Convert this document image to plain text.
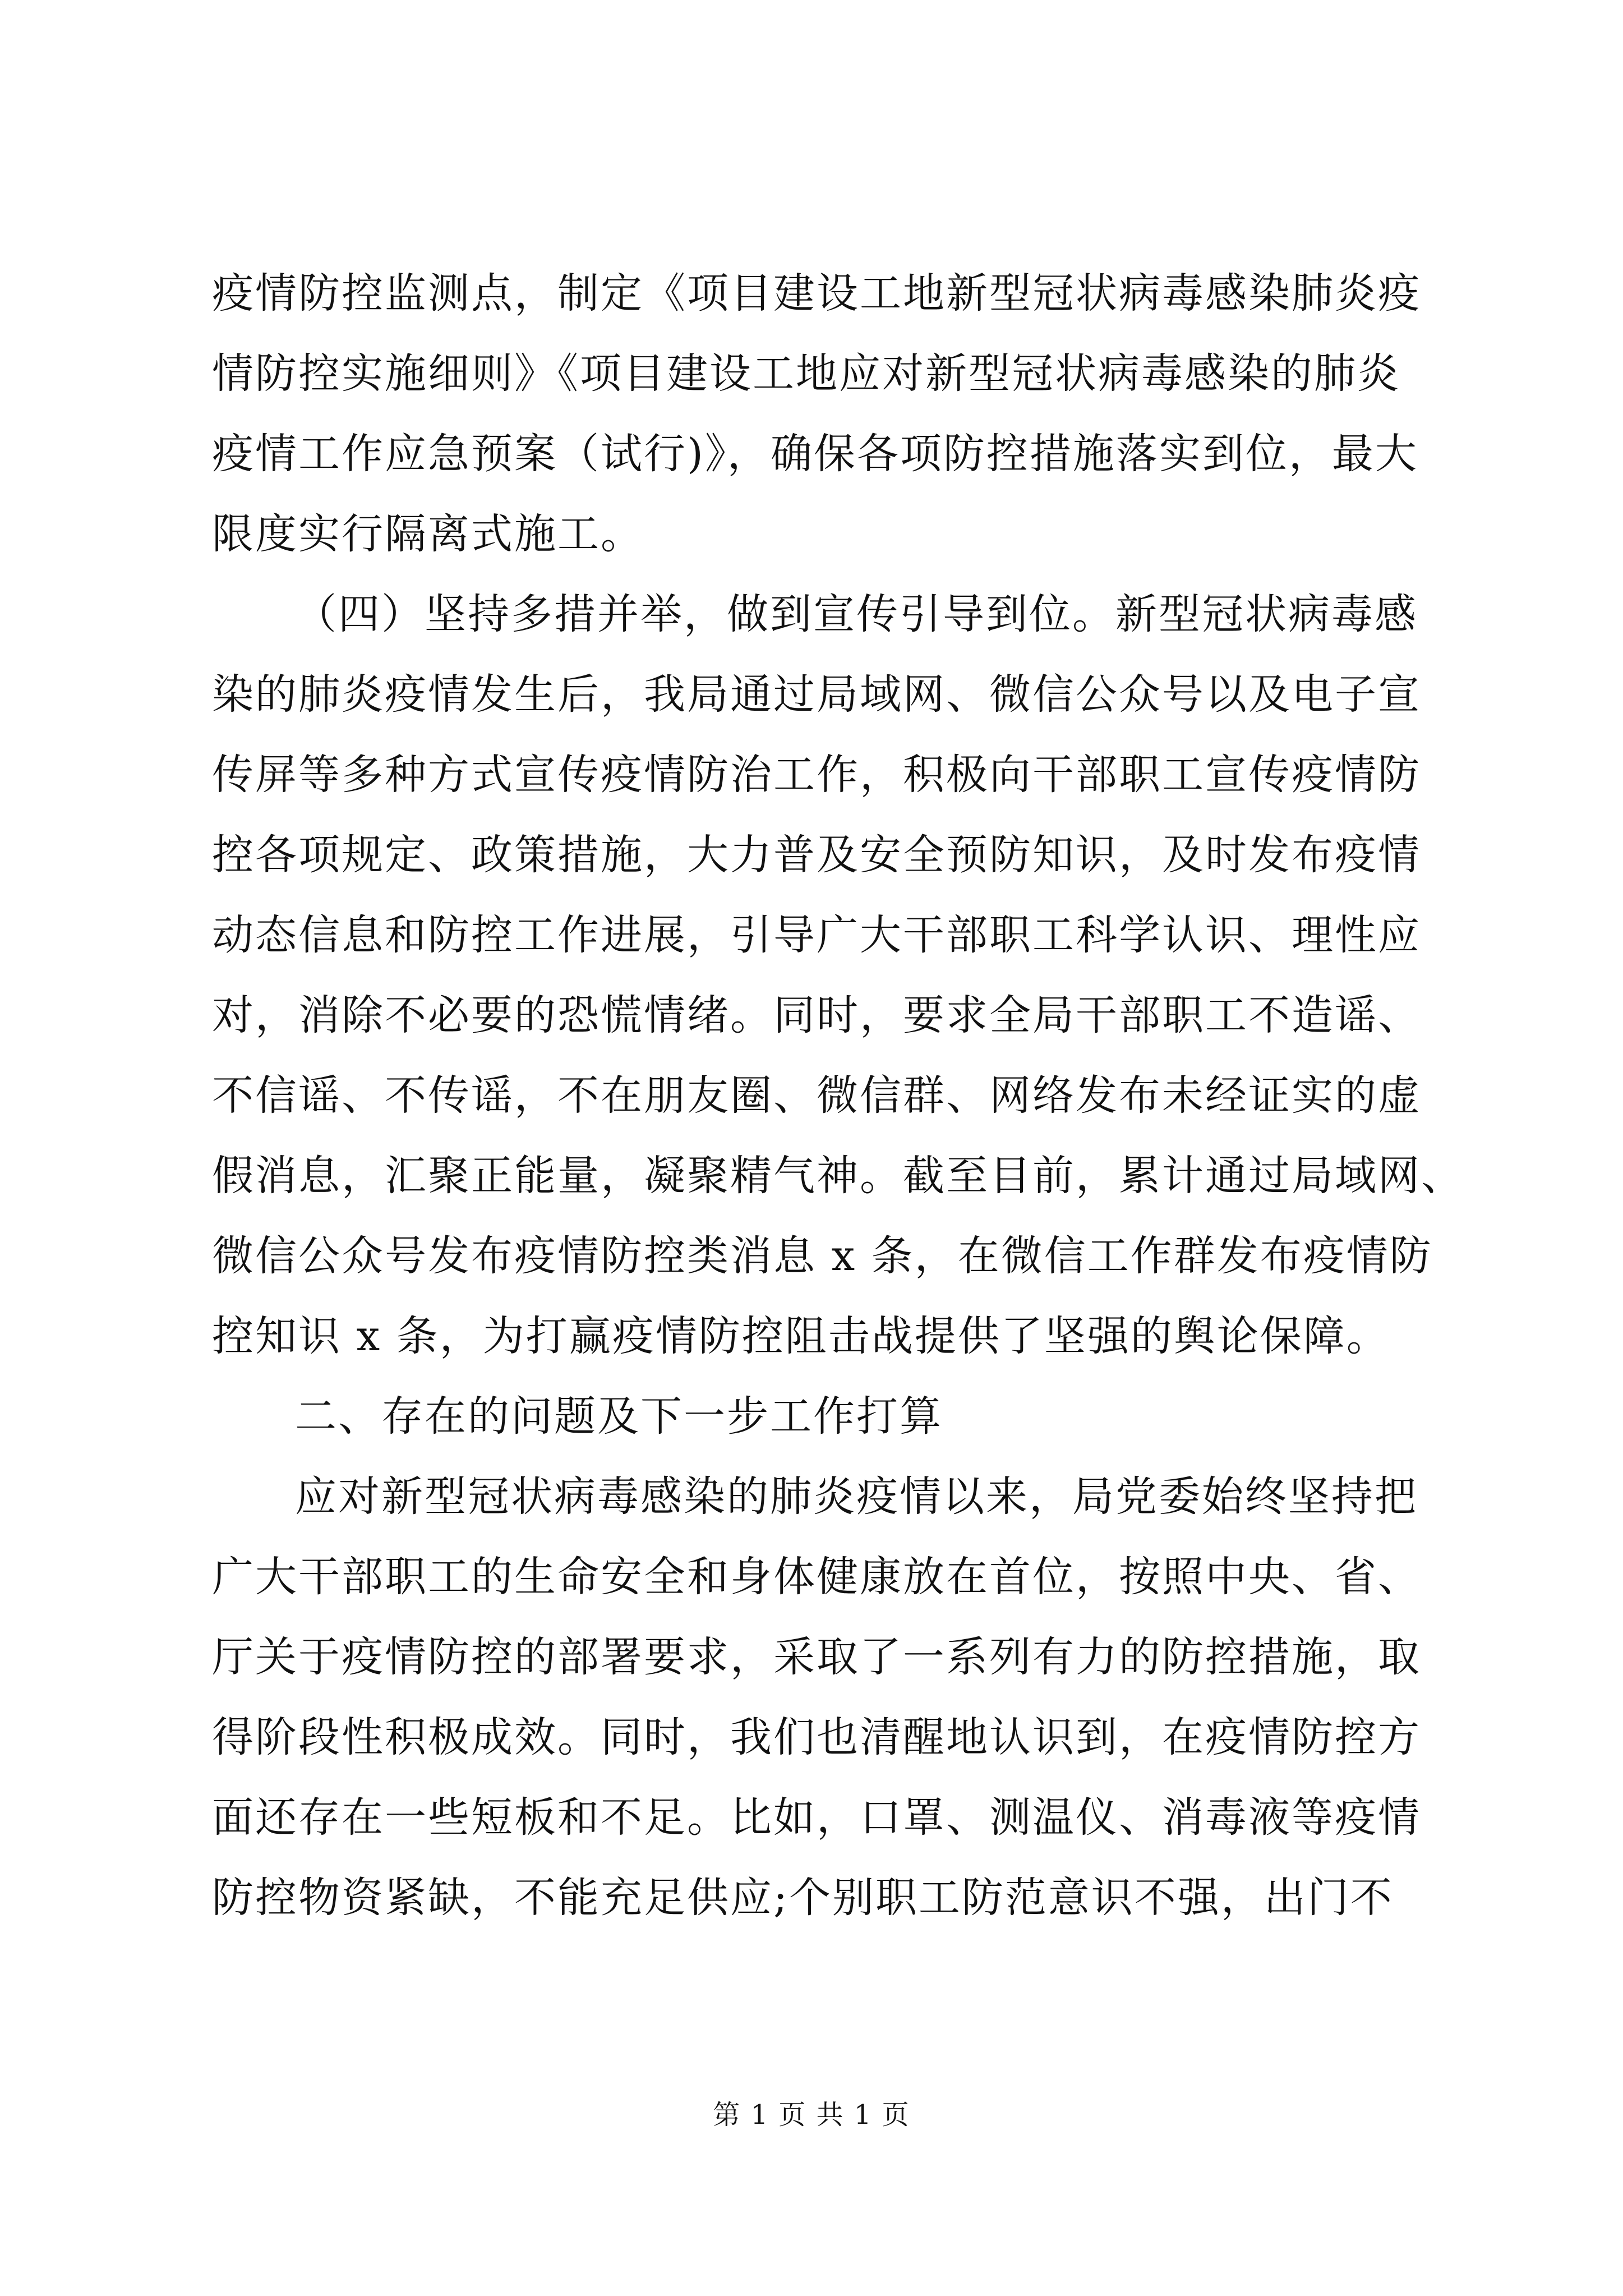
疫情防控监测点，制定《项目建设工地新型冠状病毒感染肺炎疫
情防控实施细则》《项目建设工地应对新型冠状病毒感染的肺炎
疫情工作应急预案（试行)》，确保各项防控措施落实到位，最大
限度实行隔离式施工。
（四）坚持多措并举，做到宣传引导到位。新型冠状病毒感
染的肺炎疫情发生后，我局通过局域网、微信公众号以及电子宣
传屏等多种方式宣传疫情防治工作，积极向干部职工宣传疫情防
控各项规定、政策措施，大力普及安全预防知识，及时发布疫情
动态信息和防控工作进展，引导广大干部职工科学认识、理性应
对，消除不必要的恐慌情绪。同时，要求全局干部职工不造谣、
不信谣、不传谣，不在朋友圈、微信群、网络发布未经证实的虚
假消息，汇聚正能量，凝聚精气神。截至目前，累计通过局域网、
微信公众号发布疫情防控类消息 x 条，在微信工作群发布疫情防
控知识 x 条，为打赢疫情防控阻击战提供了坚强的舆论保障。
二、存在的问题及下一步工作打算
应对新型冠状病毒感染的肺炎疫情以来，局党委始终坚持把
广大干部职工的生命安全和身体健康放在首位，按照中央、省、
厅关于疫情防控的部署要求，采取了一系列有力的防控措施，取
得阶段性积极成效。同时，我们也清醒地认识到，在疫情防控方
面还存在一些短板和不足。比如，口罩、测温仪、消毒液等疫情
防控物资紧缺，不能充足供应;个别职工防范意识不强，出门不
第 1 页 共 1 页
